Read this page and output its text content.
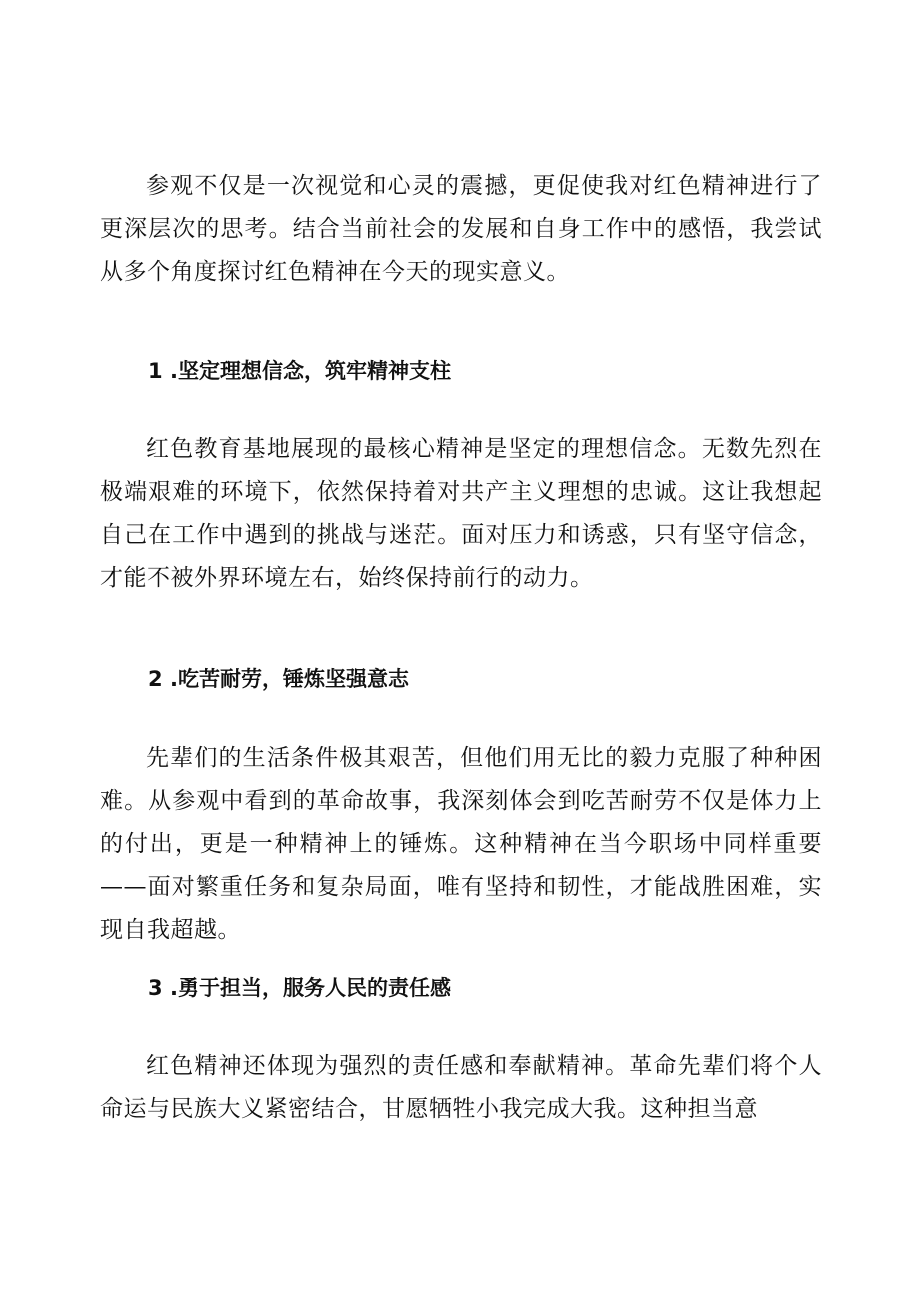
参观不仅是一次视觉和心灵的震撼，更促使我对红色精神进行了更深层次的思考。结合当前社会的发展和自身工作中的感悟，我尝试从多个角度探讨红色精神在今天的现实意义。

1 .坚定理想信念，筑牢精神支柱

红色教育基地展现的最核心精神是坚定的理想信念。无数先烈在极端艰难的环境下，依然保持着对共产主义理想的忠诚。这让我想起自己在工作中遇到的挑战与迷茫。面对压力和诱惑，只有坚守信念，才能不被外界环境左右，始终保持前行的动力。

2 .吃苦耐劳，锤炼坚强意志

先辈们的生活条件极其艰苦，但他们用无比的毅力克服了种种困难。从参观中看到的革命故事，我深刻体会到吃苦耐劳不仅是体力上的付出，更是一种精神上的锤炼。这种精神在当今职场中同样重要——面对繁重任务和复杂局面，唯有坚持和韧性，才能战胜困难，实现自我超越。

3 .勇于担当，服务人民的责任感

红色精神还体现为强烈的责任感和奉献精神。革命先辈们将个人命运与民族大义紧密结合，甘愿牺牲小我完成大我。这种担当意
